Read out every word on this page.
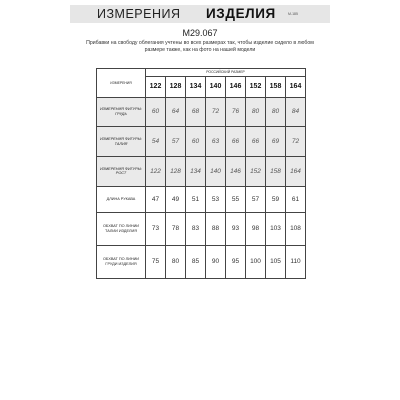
ИЗМЕРЕНИЯ ИЗДЕЛИЯ	М-185
M29.067
Прибавки на свободу облегания учтены во всех размерах так, чтобы изделие сидело в любом
размере также, как на фото на нашей модели
ИЗМЕРЕНИЯ	РОССИЙСКИЙ РАЗМЕР							
	122	128	134	140	146	152	158	164
ИЗМЕРЕНИЯ ФИГУРЫ: ГРУДЬ	60	64	68	72	76	80	80	84
ИЗМЕРЕНИЯ ФИГУРЫ: ТАЛИЯ	54	57	60	63	66	66	69	72
ИЗМЕРЕНИЯ ФИГУРЫ: РОСТ	122	128	134	140	146	152	158	164
ДЛИНА РУКАВА	47	49	51	53	55	57	59	61
ОБХВАТ ПО ЛИНИИ ТАЛИИ ИЗДЕЛИЯ	73	78	83	88	93	98	103	108
ОБХВАТ ПО ЛИНИИ ГРУДИ ИЗДЕЛИЯ	75	80	85	90	95	100	105	110
